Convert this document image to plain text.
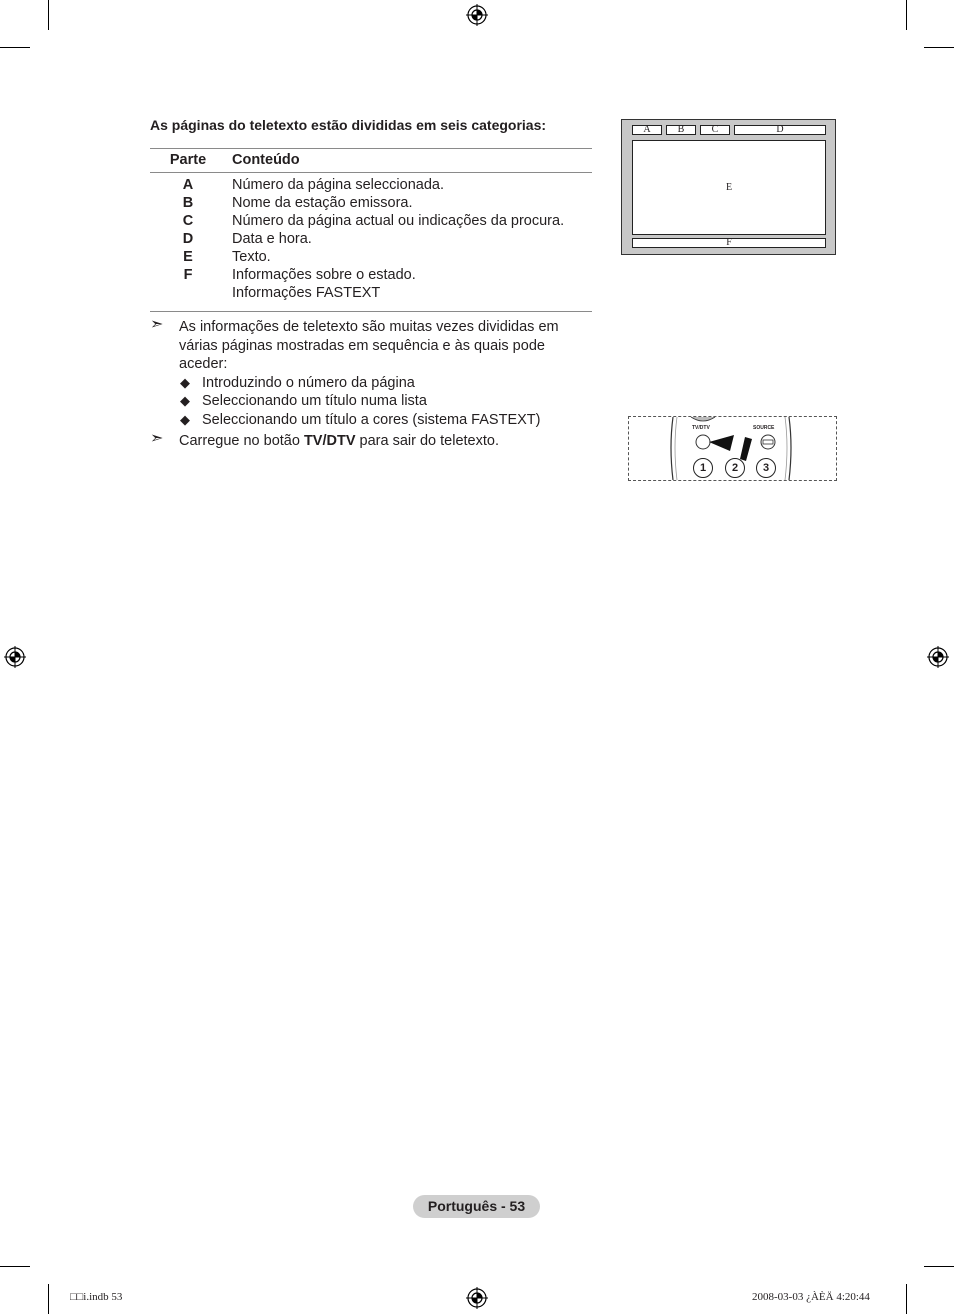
As páginas do teletexto estão divididas em seis categorias:
Parte	Conteúdo
A	Número da página seleccionada.
B	Nome da estação emissora.
C	Número da página actual ou indicações da procura.
D	Data e hora.
E	Texto.
F	Informações sobre o estado.
Informações FASTEXT
➣ As informações de teletexto são muitas vezes divididas em várias páginas mostradas em sequência e às quais pode aceder:
◆ Introduzindo o número da página
◆ Seleccionando um título numa lista
◆ Seleccionando um título a cores (sistema FASTEXT)
➣ Carregue no botão TV/DTV para sair do teletexto.
A	B	C	D
E
F
TV/DTV	SOURCE
1	2	3
Português - 53
□□i.indb 53	2008-03-03 ¿ÀÈÄ 4:20:44
